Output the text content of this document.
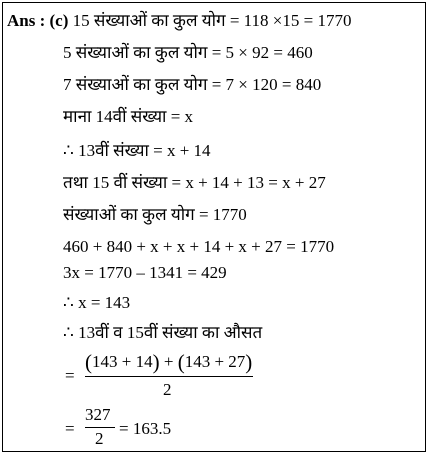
Ans : (c) 15 संख्याओं का कुल योग = 118 ×15 = 1770
5 संख्याओं का कुल योग = 5 × 92 = 460
7 संख्याओं का कुल योग = 7 × 120 = 840
माना 14वीं संख्या = x
∴ 13वीं संख्या = x + 14
तथा 15 वीं संख्या = x + 14 + 13 = x + 27
संख्याओं का कुल योग = 1770
460 + 840 + x + x + 14 + x + 27 = 1770
3x = 1770 – 1341 = 429
∴ x = 143
∴ 13वीं व 15वीं संख्या का औसत
=
(143 + 14) + (143 + 27)
2
=
327
2
= 163.5
